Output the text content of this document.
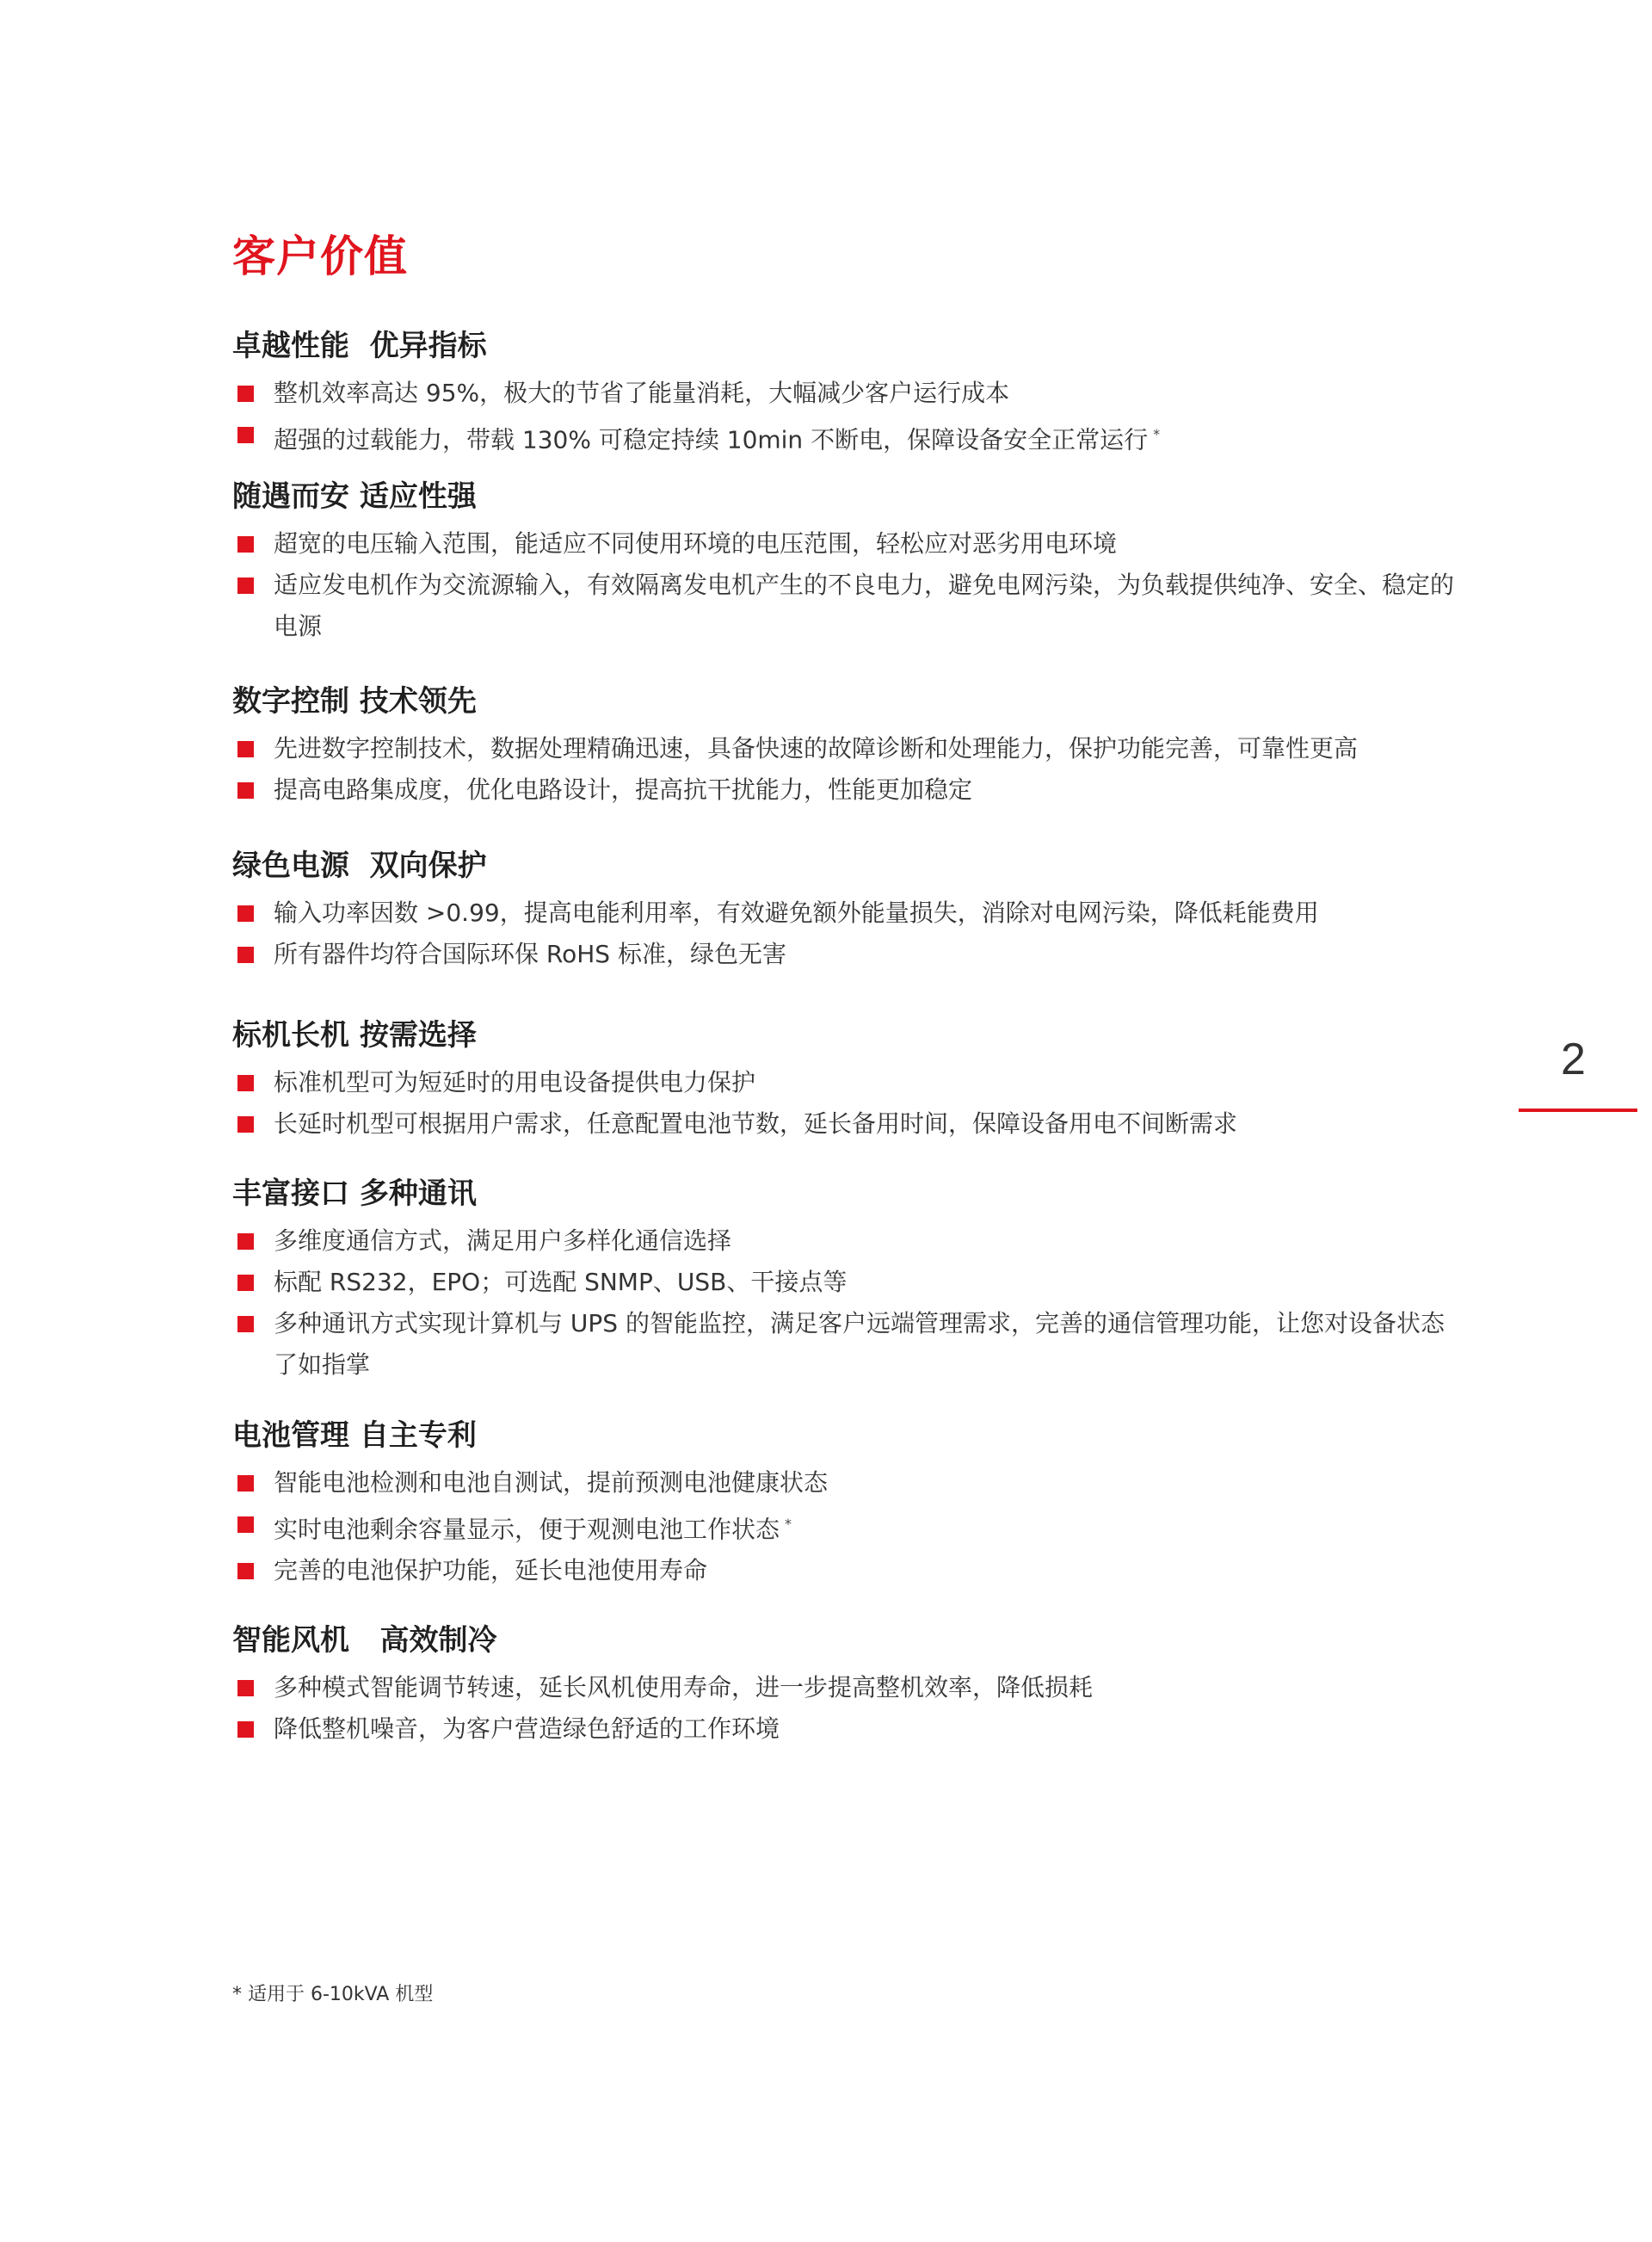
客户价值
卓越性能  优异指标
整机效率高达 95%，极大的节省了能量消耗，大幅减少客户运行成本
超强的过载能力，带载 130% 可稳定持续 10min 不断电，保障设备安全正常运行 *
随遇而安 适应性强
超宽的电压输入范围，能适应不同使用环境的电压范围，轻松应对恶劣用电环境
适应发电机作为交流源输入，有效隔离发电机产生的不良电力，避免电网污染，为负载提供纯净、安全、稳定的电源
数字控制 技术领先
先进数字控制技术，数据处理精确迅速，具备快速的故障诊断和处理能力，保护功能完善，可靠性更高
提高电路集成度，优化电路设计，提高抗干扰能力，性能更加稳定
绿色电源  双向保护
输入功率因数 >0.99，提高电能利用率，有效避免额外能量损失，消除对电网污染，降低耗能费用
所有器件均符合国际环保 RoHS 标准，绿色无害
标机长机 按需选择
标准机型可为短延时的用电设备提供电力保护
长延时机型可根据用户需求，任意配置电池节数，延长备用时间，保障设备用电不间断需求
丰富接口 多种通讯
多维度通信方式，满足用户多样化通信选择
标配 RS232，EPO；可选配 SNMP、USB、干接点等
多种通讯方式实现计算机与 UPS 的智能监控，满足客户远端管理需求，完善的通信管理功能，让您对设备状态了如指掌
电池管理 自主专利
智能电池检测和电池自测试，提前预测电池健康状态
实时电池剩余容量显示，便于观测电池工作状态 *
完善的电池保护功能，延长电池使用寿命
智能风机   高效制冷
多种模式智能调节转速，延长风机使用寿命，进一步提高整机效率，降低损耗
降低整机噪音，为客户营造绿色舒适的工作环境
2
* 适用于 6-10kVA 机型
